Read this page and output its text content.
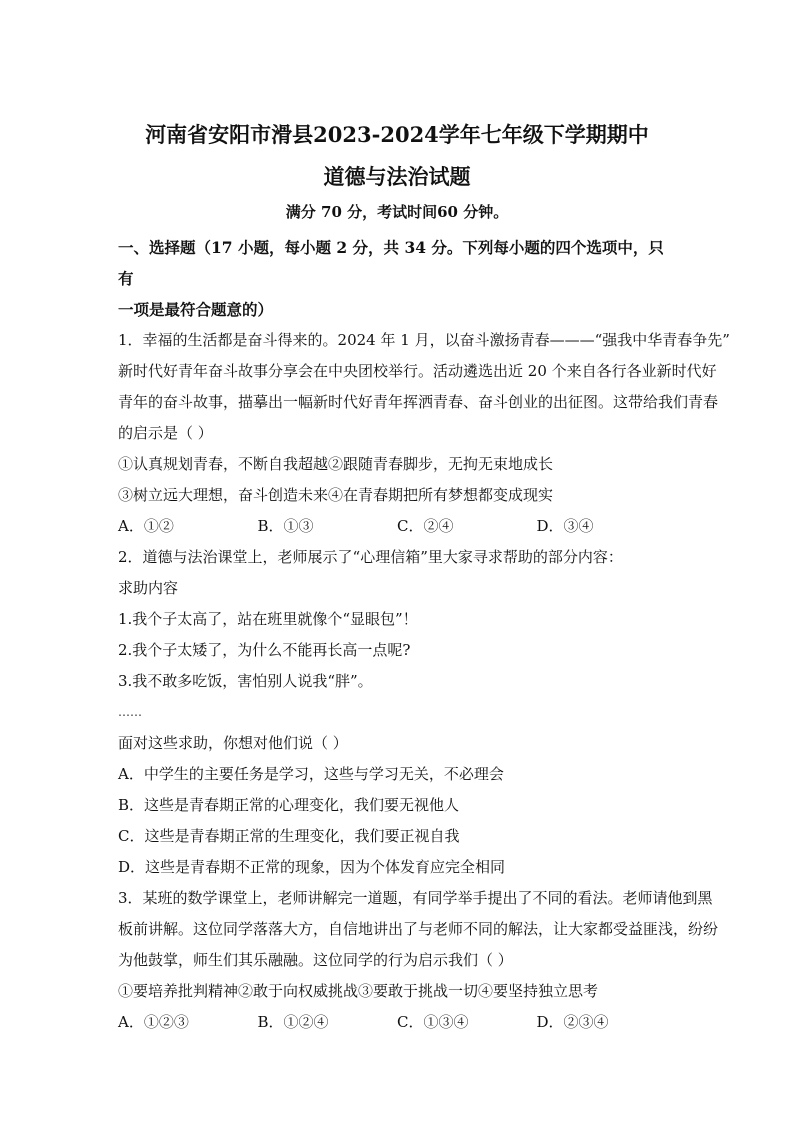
河南省安阳市滑县2023-2024学年七年级下学期期中
道德与法治试题
满分 70 分，考试时间60 分钟。
一、选择题（17 小题，每小题 2 分，共 34 分。下列每小题的四个选项中，只有
一项是最符合题意的）
1．幸福的生活都是奋斗得来的。2024 年 1 月，以奋斗激扬青春———“强我中华青春争先”
新时代好青年奋斗故事分享会在中央团校举行。活动遴选出近 20 个来自各行各业新时代好
青年的奋斗故事，描摹出一幅新时代好青年挥洒青春、奋斗创业的出征图。这带给我们青春
的启示是（ ）
①认真规划青春，不断自我超越②跟随青春脚步，无拘无束地成长
③树立远大理想，奋斗创造未来④在青春期把所有梦想都变成现实
A．①②	B．①③	C．②④	D．③④
2．道德与法治课堂上，老师展示了“心理信箱”里大家寻求帮助的部分内容：
求助内容
1.我个子太高了，站在班里就像个“显眼包”！
2.我个子太矮了，为什么不能再长高一点呢?
3.我不敢多吃饭，害怕别人说我“胖”。
……
面对这些求助，你想对他们说（ ）
A．中学生的主要任务是学习，这些与学习无关，不必理会
B．这些是青春期正常的心理变化，我们要无视他人
C．这些是青春期正常的生理变化，我们要正视自我
D．这些是青春期不正常的现象，因为个体发育应完全相同
3．某班的数学课堂上，老师讲解完一道题，有同学举手提出了不同的看法。老师请他到黑
板前讲解。这位同学落落大方，自信地讲出了与老师不同的解法，让大家都受益匪浅，纷纷
为他鼓掌，师生们其乐融融。这位同学的行为启示我们（ ）
①要培养批判精神②敢于向权威挑战③要敢于挑战一切④要坚持独立思考
A．①②③	B．①②④	C．①③④	D．②③④
